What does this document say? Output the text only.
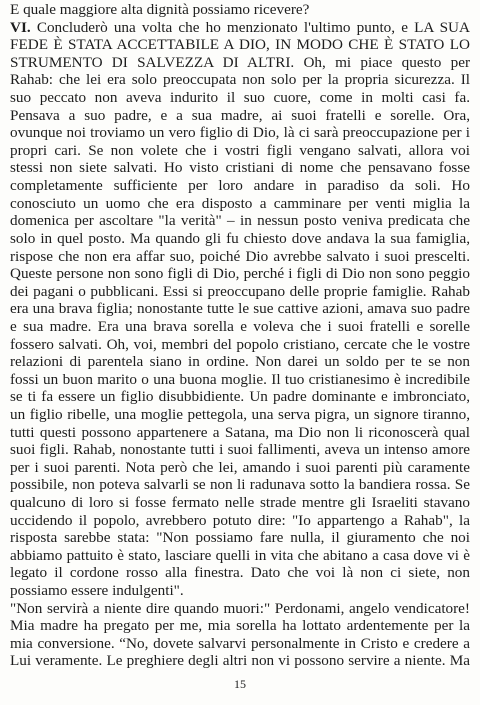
E quale maggiore alta dignità possiamo ricevere?
VI. Concluderò una volta che ho menzionato l'ultimo punto, e LA SUA
FEDE È STATA ACCETTABILE A DIO, IN MODO CHE È STATO LO
STRUMENTO DI SALVEZZA DI ALTRI. Oh, mi piace questo per
Rahab: che lei era solo preoccupata non solo per la propria sicurezza. Il
suo peccato non aveva indurito il suo cuore, come in molti casi fa.
Pensava a suo padre, e a sua madre, ai suoi fratelli e sorelle. Ora,
ovunque noi troviamo un vero figlio di Dio, là ci sarà preoccupazione per i
propri cari. Se non volete che i vostri figli vengano salvati, allora voi
stessi non siete salvati. Ho visto cristiani di nome che pensavano fosse
completamente sufficiente per loro andare in paradiso da soli. Ho
conosciuto un uomo che era disposto a camminare per venti miglia la
domenica per ascoltare "la verità" – in nessun posto veniva predicata che
solo in quel posto. Ma quando gli fu chiesto dove andava la sua famiglia,
rispose che non era affar suo, poiché Dio avrebbe salvato i suoi prescelti.
Queste persone non sono figli di Dio, perché i figli di Dio non sono peggio
dei pagani o pubblicani. Essi si preoccupano delle proprie famiglie. Rahab
era una brava figlia; nonostante tutte le sue cattive azioni, amava suo padre
e sua madre. Era una brava sorella e voleva che i suoi fratelli e sorelle
fossero salvati. Oh, voi, membri del popolo cristiano, cercate che le vostre
relazioni di parentela siano in ordine. Non darei un soldo per te se non
fossi un buon marito o una buona moglie. Il tuo cristianesimo è incredibile
se ti fa essere un figlio disubbidiente. Un padre dominante e imbronciato,
un figlio ribelle, una moglie pettegola, una serva pigra, un signore tiranno,
tutti questi possono appartenere a Satana, ma Dio non li riconoscerà qual
suoi figli. Rahab, nonostante tutti i suoi fallimenti, aveva un intenso amore
per i suoi parenti. Nota però che lei, amando i suoi parenti più caramente
possibile, non poteva salvarli se non li radunava sotto la bandiera rossa. Se
qualcuno di loro si fosse fermato nelle strade mentre gli Israeliti stavano
uccidendo il popolo, avrebbero potuto dire: "Io appartengo a Rahab", la
risposta sarebbe stata: "Non possiamo fare nulla, il giuramento che noi
abbiamo pattuito è stato, lasciare quelli in vita che abitano a casa dove vi è
legato il cordone rosso alla finestra. Dato che voi là non ci siete, non
possiamo essere indulgenti".
"Non servirà a niente dire quando muori:" Perdonami, angelo vendicatore!
Mia madre ha pregato per me, mia sorella ha lottato ardentemente per la
mia conversione. “No, dovete salvarvi personalmente in Cristo e credere a
Lui veramente. Le preghiere degli altri non vi possono servire a niente. Ma
15
